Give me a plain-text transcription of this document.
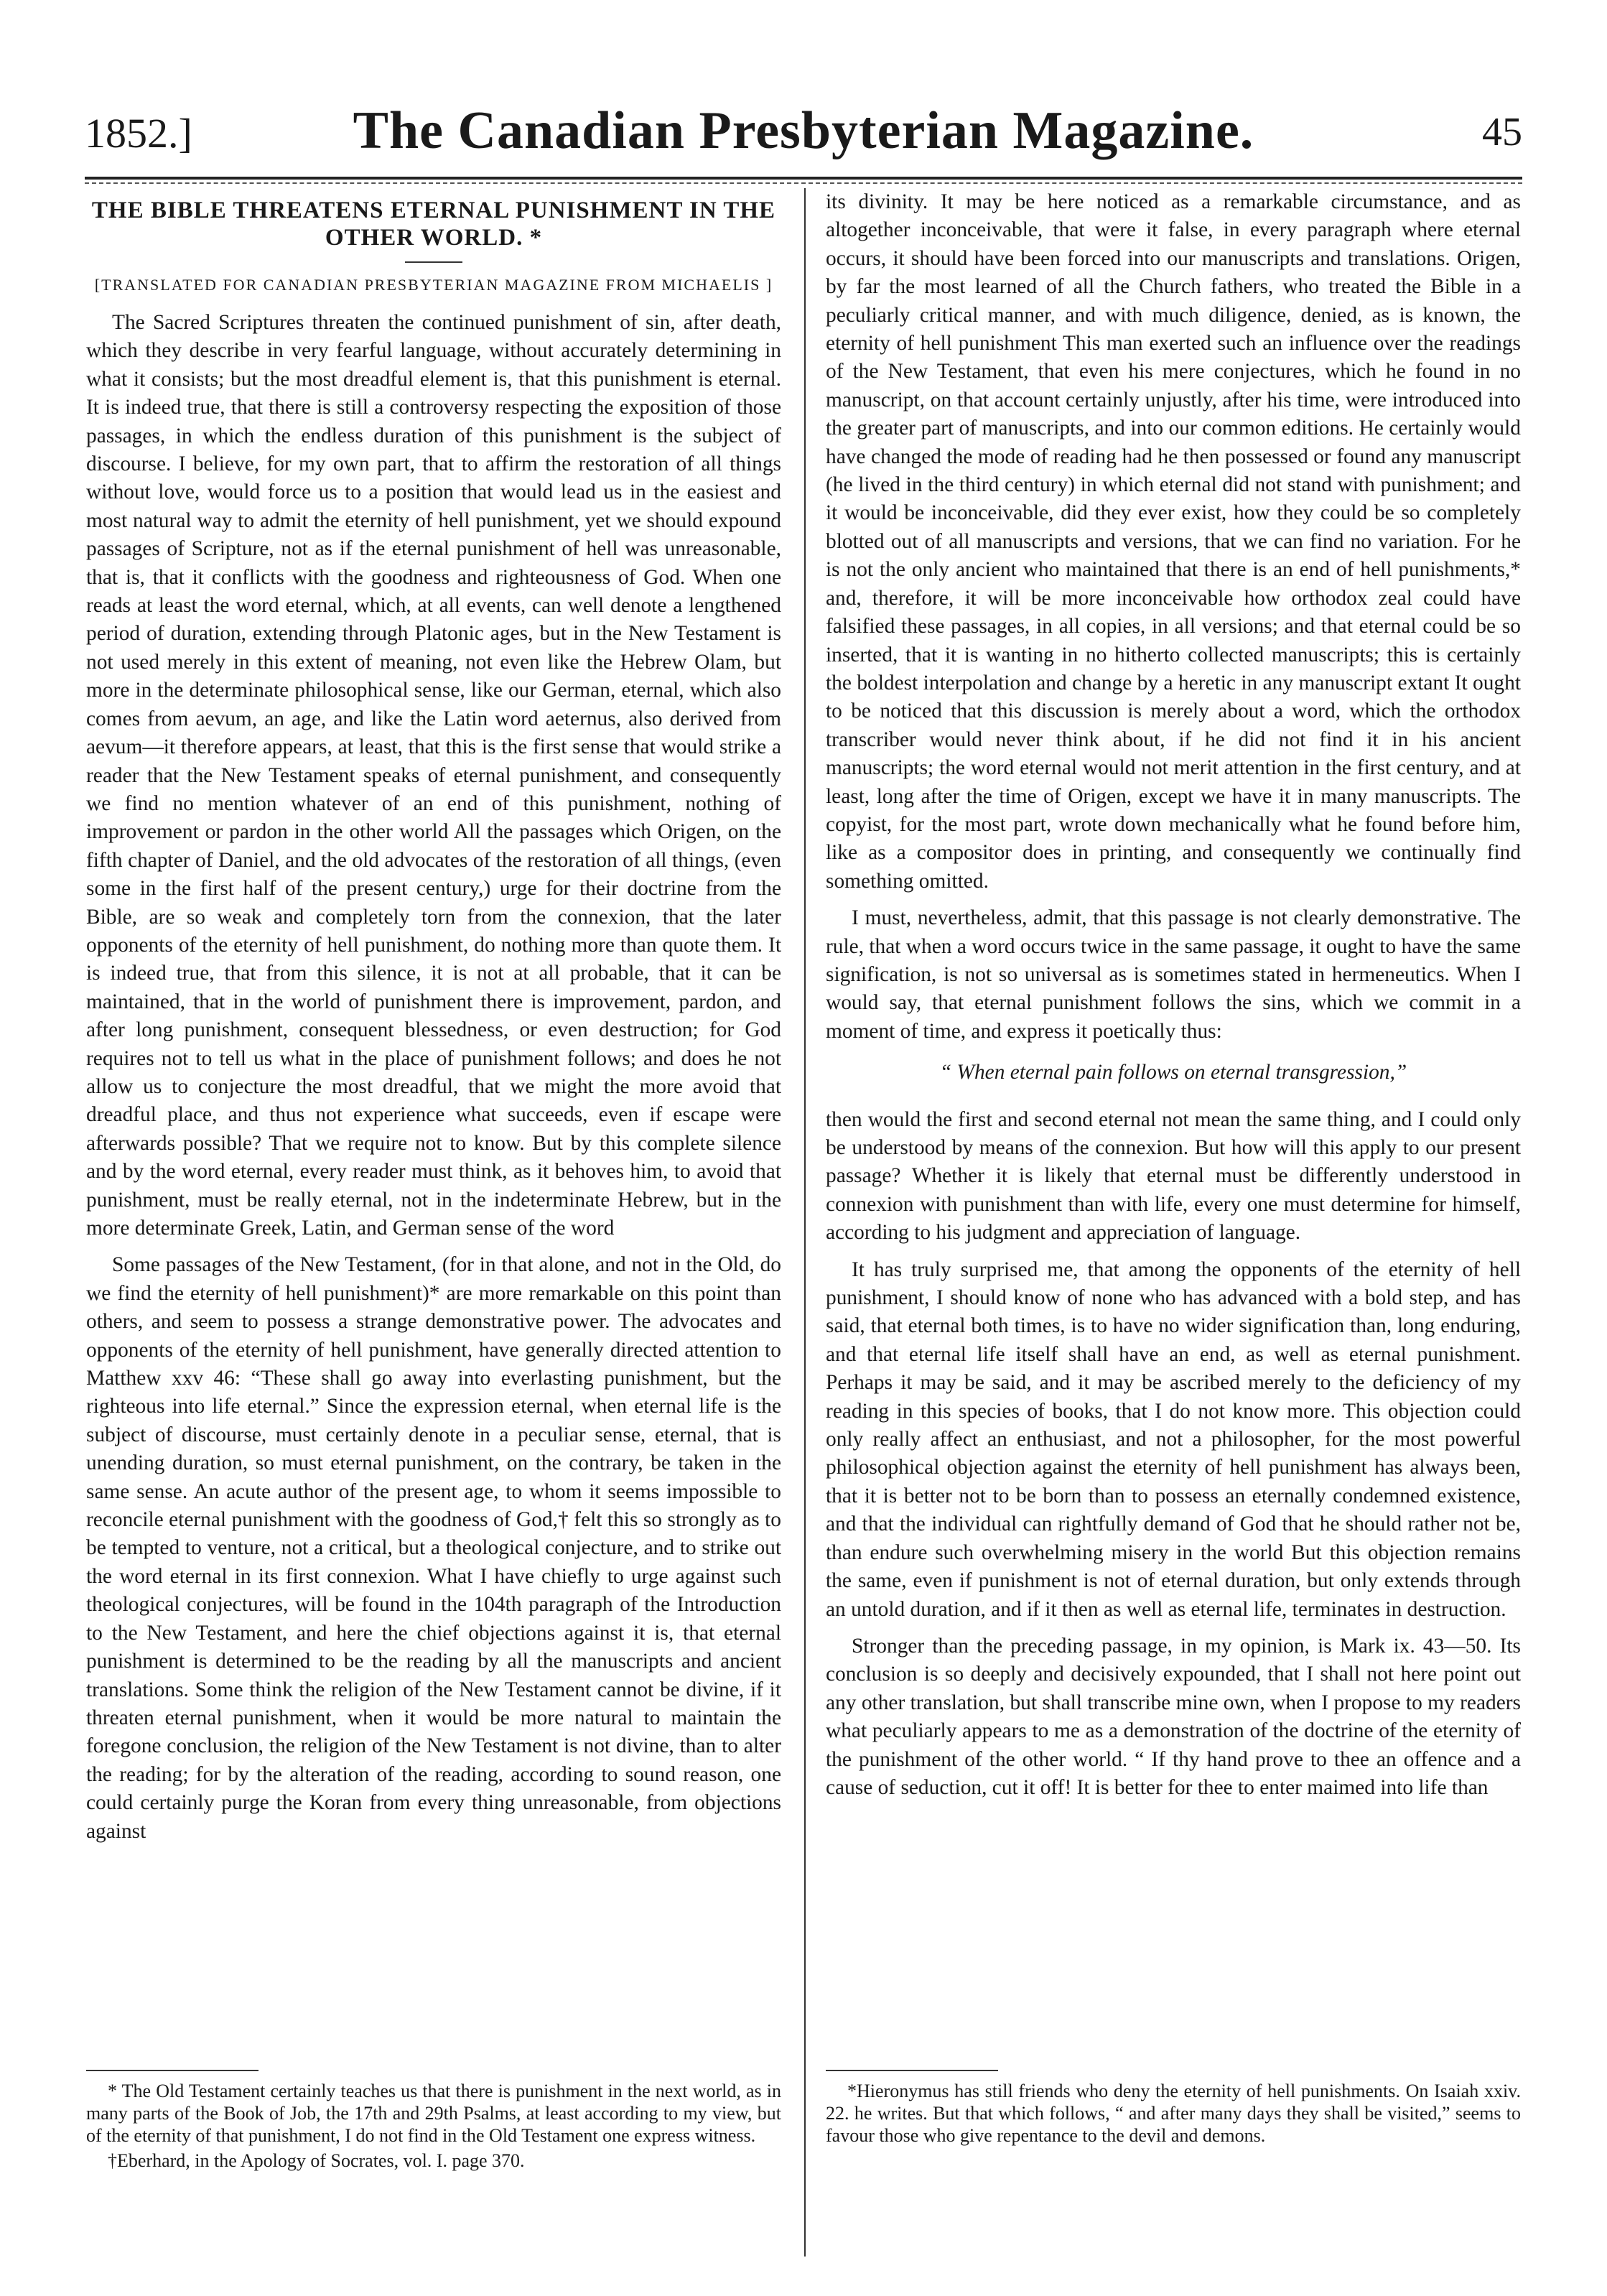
1852.]	The Canadian Presbyterian Magazine.	45
THE BIBLE THREATENS ETERNAL PUNISHMENT IN THE OTHER WORLD. *
[TRANSLATED FOR CANADIAN PRESBYTERIAN MAGAZINE FROM MICHAELIS ]

The Sacred Scriptures threaten the continued punishment of sin, after death, which they describe in very fearful language, without accurately determining in what it consists; but the most dreadful element is, that this punishment is eternal. It is indeed true, that there is still a controversy respecting the exposition of those passages, in which the endless duration of this punishment is the subject of discourse. I believe, for my own part, that to affirm the restoration of all things without love, would force us to a position that would lead us in the easiest and most natural way to admit the eternity of hell punishment, yet we should expound passages of Scripture, not as if the eternal punishment of hell was unreasonable, that is, that it conflicts with the goodness and righteousness of God. When one reads at least the word eternal, which, at all events, can well denote a lengthened period of duration, extending through Platonic ages, but in the New Testament is not used merely in this extent of meaning, not even like the Hebrew Olam, but more in the determinate philosophical sense, like our German, eternal, which also comes from aevum, an age, and like the Latin word aeternus, also derived from aevum—it therefore appears, at least, that this is the first sense that would strike a reader that the New Testament speaks of eternal punishment, and consequently we find no mention whatever of an end of this punishment, nothing of improvement or pardon in the other world All the passages which Origen, on the fifth chapter of Daniel, and the old advocates of the restoration of all things, (even some in the first half of the present century,) urge for their doctrine from the Bible, are so weak and completely torn from the connexion, that the later opponents of the eternity of hell punishment, do nothing more than quote them. It is indeed true, that from this silence, it is not at all probable, that it can be maintained, that in the world of punishment there is improvement, pardon, and after long punishment, consequent blessedness, or even destruction; for God requires not to tell us what in the place of punishment follows; and does he not allow us to conjecture the most dreadful, that we might the more avoid that dreadful place, and thus not experience what succeeds, even if escape were afterwards possible? That we require not to know. But by this complete silence and by the word eternal, every reader must think, as it behoves him, to avoid that punishment, must be really eternal, not in the indeterminate Hebrew, but in the more determinate Greek, Latin, and German sense of the word

Some passages of the New Testament, (for in that alone, and not in the Old, do we find the eternity of hell punishment)* are more remarkable on this point than others, and seem to possess a strange demonstrative power. The advocates and opponents of the eternity of hell punishment, have generally directed attention to Matthew xxv 46: “These shall go away into everlasting punishment, but the righteous into life eternal.” Since the expression eternal, when eternal life is the subject of discourse, must certainly denote in a peculiar sense, eternal, that is unending duration, so must eternal punishment, on the contrary, be taken in the same sense. An acute author of the present age, to whom it seems impossible to reconcile eternal punishment with the goodness of God,† felt this so strongly as to be tempted to venture, not a critical, but a theological conjecture, and to strike out the word eternal in its first connexion. What I have chiefly to urge against such theological conjectures, will be found in the 104th paragraph of the Introduction to the New Testament, and here the chief objections against it is, that eternal punishment is determined to be the reading by all the manuscripts and ancient translations. Some think the religion of the New Testament cannot be divine, if it threaten eternal punishment, when it would be more natural to maintain the foregone conclusion, the religion of the New Testament is not divine, than to alter the reading; for by the alteration of the reading, according to sound reason, one could certainly purge the Koran from every thing unreasonable, from objections against

its divinity. It may be here noticed as a remarkable circumstance, and as altogether inconceivable, that were it false, in every paragraph where eternal occurs, it should have been forced into our manuscripts and translations. Origen, by far the most learned of all the Church fathers, who treated the Bible in a peculiarly critical manner, and with much diligence, denied, as is known, the eternity of hell punishment This man exerted such an influence over the readings of the New Testament, that even his mere conjectures, which he found in no manuscript, on that account certainly unjustly, after his time, were introduced into the greater part of manuscripts, and into our common editions. He certainly would have changed the mode of reading had he then possessed or found any manuscript (he lived in the third century) in which eternal did not stand with punishment; and it would be inconceivable, did they ever exist, how they could be so completely blotted out of all manuscripts and versions, that we can find no variation. For he is not the only ancient who maintained that there is an end of hell punishments,* and, therefore, it will be more inconceivable how orthodox zeal could have falsified these passages, in all copies, in all versions; and that eternal could be so inserted, that it is wanting in no hitherto collected manuscripts; this is certainly the boldest interpolation and change by a heretic in any manuscript extant It ought to be noticed that this discussion is merely about a word, which the orthodox transcriber would never think about, if he did not find it in his ancient manuscripts; the word eternal would not merit attention in the first century, and at least, long after the time of Origen, except we have it in many manuscripts. The copyist, for the most part, wrote down mechanically what he found before him, like as a compositor does in printing, and consequently we continually find something omitted.

I must, nevertheless, admit, that this passage is not clearly demonstrative. The rule, that when a word occurs twice in the same passage, it ought to have the same signification, is not so universal as is sometimes stated in hermeneutics. When I would say, that eternal punishment follows the sins, which we commit in a moment of time, and express it poetically thus:

“ When eternal pain follows on eternal transgression,”

then would the first and second eternal not mean the same thing, and I could only be understood by means of the connexion. But how will this apply to our present passage? Whether it is likely that eternal must be differently understood in connexion with punishment than with life, every one must determine for himself, according to his judgment and appreciation of language.

It has truly surprised me, that among the opponents of the eternity of hell punishment, I should know of none who has advanced with a bold step, and has said, that eternal both times, is to have no wider signification than, long enduring, and that eternal life itself shall have an end, as well as eternal punishment. Perhaps it may be said, and it may be ascribed merely to the deficiency of my reading in this species of books, that I do not know more. This objection could only really affect an enthusiast, and not a philosopher, for the most powerful philosophical objection against the eternity of hell punishment has always been, that it is better not to be born than to possess an eternally condemned existence, and that the individual can rightfully demand of God that he should rather not be, than endure such overwhelming misery in the world But this objection remains the same, even if punishment is not of eternal duration, but only extends through an untold duration, and if it then as well as eternal life, terminates in destruction.

Stronger than the preceding passage, in my opinion, is Mark ix. 43—50. Its conclusion is so deeply and decisively expounded, that I shall not here point out any other translation, but shall transcribe mine own, when I propose to my readers what peculiarly appears to me as a demonstration of the doctrine of the eternity of the punishment of the other world. “ If thy hand prove to thee an offence and a cause of seduction, cut it off! It is better for thee to enter maimed into life than

* The Old Testament certainly teaches us that there is punishment in the next world, as in many parts of the Book of Job, the 17th and 29th Psalms, at least according to my view, but of the eternity of that punishment, I do not find in the Old Testament one express witness.

†Eberhard, in the Apology of Socrates, vol. I. page 370.

*Hieronymus has still friends who deny the eternity of hell punishments. On Isaiah xxiv. 22. he writes. But that which follows, “ and after many days they shall be visited,” seems to favour those who give repentance to the devil and demons.
